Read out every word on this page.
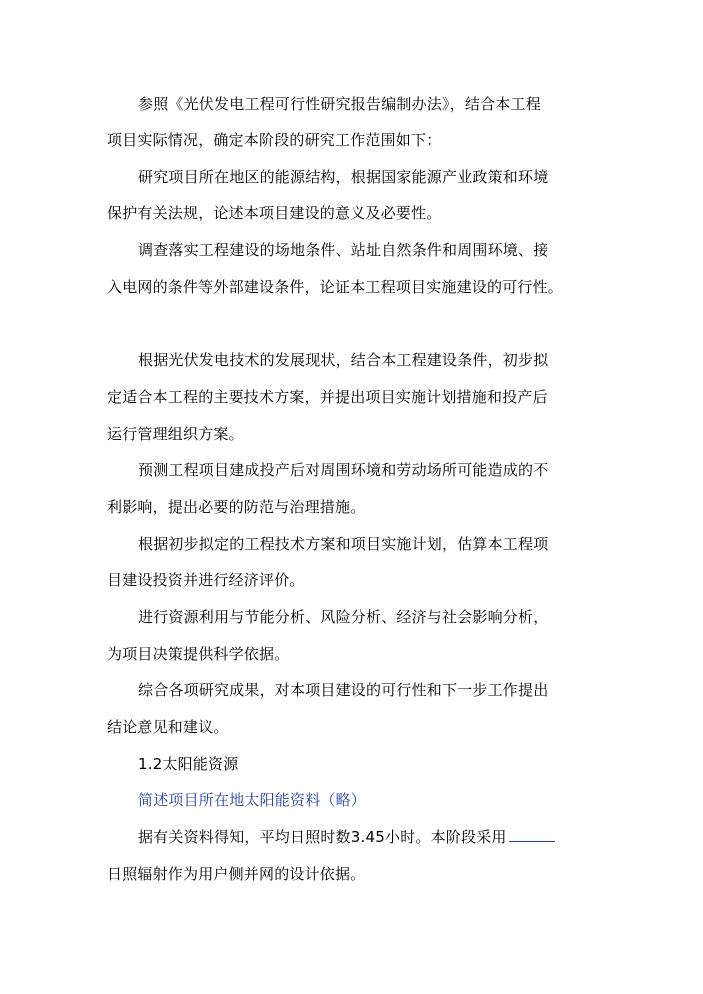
参照《光伏发电工程可行性研究报告编制办法》，结合本工程
项目实际情况，确定本阶段的研究工作范围如下：
研究项目所在地区的能源结构，根据国家能源产业政策和环境
保护有关法规，论述本项目建设的意义及必要性。
调查落实工程建设的场地条件、站址自然条件和周围环境、接
入电网的条件等外部建设条件，论证本工程项目实施建设的可行性。
根据光伏发电技术的发展现状，结合本工程建设条件，初步拟
定适合本工程的主要技术方案，并提出项目实施计划措施和投产后
运行管理组织方案。
预测工程项目建成投产后对周围环境和劳动场所可能造成的不
利影响，提出必要的防范与治理措施。
根据初步拟定的工程技术方案和项目实施计划，估算本工程项
目建设投资并进行经济评价。
进行资源利用与节能分析、风险分析、经济与社会影响分析，
为项目决策提供科学依据。
综合各项研究成果，对本项目建设的可行性和下一步工作提出
结论意见和建议。
1.2太阳能资源
简述项目所在地太阳能资料（略）
据有关资料得知，平均日照时数3.45小时。本阶段采用
日照辐射作为用户侧并网的设计依据。
